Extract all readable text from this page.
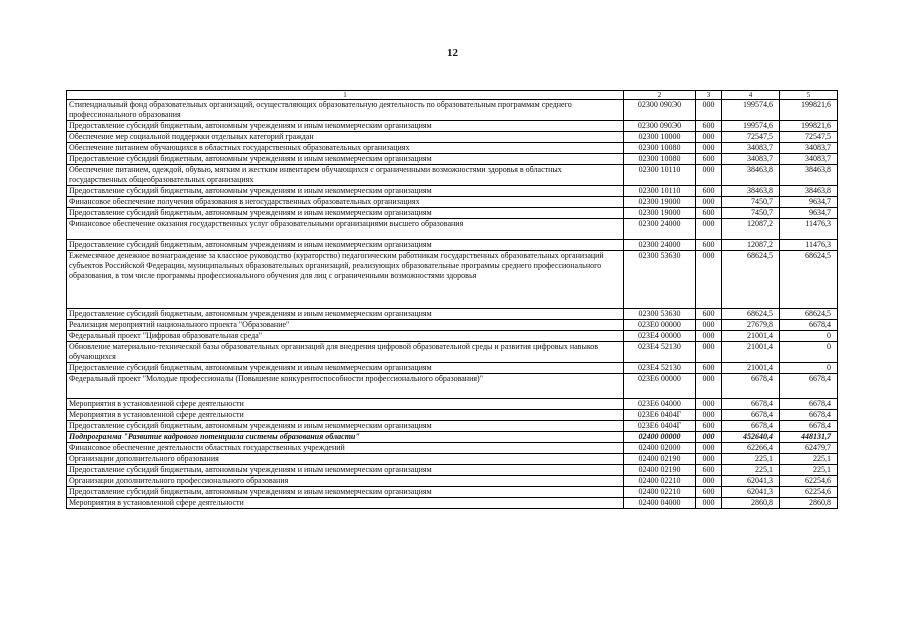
12
1	2	3	4	5
Стипендиальный фонд образовательных организаций, осуществляющих образовательную деятельность по образовательным программам среднего профессионального образования	02300 090Э0	000	199574,6	199821,6
Предоставление субсидий бюджетным, автономным учреждениям и иным некоммерческим организациям	02300 090Э0	600	199574,6	199821,6
Обеспечение мер социальной поддержки отдельных категорий граждан	02300 10000	000	72547,5	72547,5
Обеспечение питанием обучающихся в областных государственных образовательных организациях	02300 10080	000	34083,7	34083,7
Предоставление субсидий бюджетным, автономным учреждениям и иным некоммерческим организациям	02300 10080	600	34083,7	34083,7
Обеспечение питанием, одеждой, обувью, мягким и жестким инвентарем обучающихся с ограниченными возможностями здоровья в областных государственных общеобразовательных организациях	02300 10110	000	38463,8	38463,8
Предоставление субсидий бюджетным, автономным учреждениям и иным некоммерческим организациям	02300 10110	600	38463,8	38463,8
Финансовое обеспечение получения образования в негосударственных образовательных организациях	02300 19000	000	7450,7	9634,7
Предоставление субсидий бюджетным, автономным учреждениям и иным некоммерческим организациям	02300 19000	600	7450,7	9634,7
Финансовое обеспечение оказания государственных услуг образовательными организациями высшего образования	02300 24000	000	12087,2	11476,3
Предоставление субсидий бюджетным, автономным учреждениям и иным некоммерческим организациям	02300 24000	600	12087,2	11476,3
Ежемесячное денежное вознаграждение за классное руководство (кураторство) педагогическим работникам государственных образовательных организаций субъектов Российской Федерации, муниципальных образовательных организаций, реализующих образовательные программы среднего профессионального образования, в том числе программы профессионального обучения для лиц с ограниченными возможностями здоровья	02300 53630	000	68624,5	68624,5
Предоставление субсидий бюджетным, автономным учреждениям и иным некоммерческим организациям	02300 53630	600	68624,5	68624,5
Реализация мероприятий национального проекта "Образование"	023Е0 00000	000	27679,8	6678,4
Федеральный проект "Цифровая образовательная среда"	023Е4 00000	000	21001,4	0
Обновление материально-технической базы образовательных организаций для внедрения цифровой образовательной среды и развития цифровых навыков обучающихся	023Е4 52130	000	21001,4	0
Предоставление субсидий бюджетным, автономным учреждениям и иным некоммерческим организациям	023Е4 52130	600	21001,4	0
Федеральный проект "Молодые профессионалы (Повышение конкурентоспособности профессионального образования)"	023Е6 00000	000	6678,4	6678,4
Мероприятия в установленной сфере деятельности	023Е6 04000	000	6678,4	6678,4
Мероприятия в установленной сфере деятельности	023Е6 0404Г	000	6678,4	6678,4
Предоставление субсидий бюджетным, автономным учреждениям и иным некоммерческим организациям	023Е6 0404Г	600	6678,4	6678,4
Подпрограмма "Развитие кадрового потенциала системы образования области"	02400 00000	000	452640,4	448131,7
Финансовое обеспечение деятельности областных государственных учреждений	02400 02000	000	62266,4	62479,7
Организации дополнительного образования	02400 02190	000	225,1	225,1
Предоставление субсидий бюджетным, автономным учреждениям и иным некоммерческим организациям	02400 02190	600	225,1	225,1
Организации дополнительного профессионального образования	02400 02210	000	62041,3	62254,6
Предоставление субсидий бюджетным, автономным учреждениям и иным некоммерческим организациям	02400 02210	600	62041,3	62254,6
Мероприятия в установленной сфере деятельности	02400 04000	000	2860,8	2860,8
